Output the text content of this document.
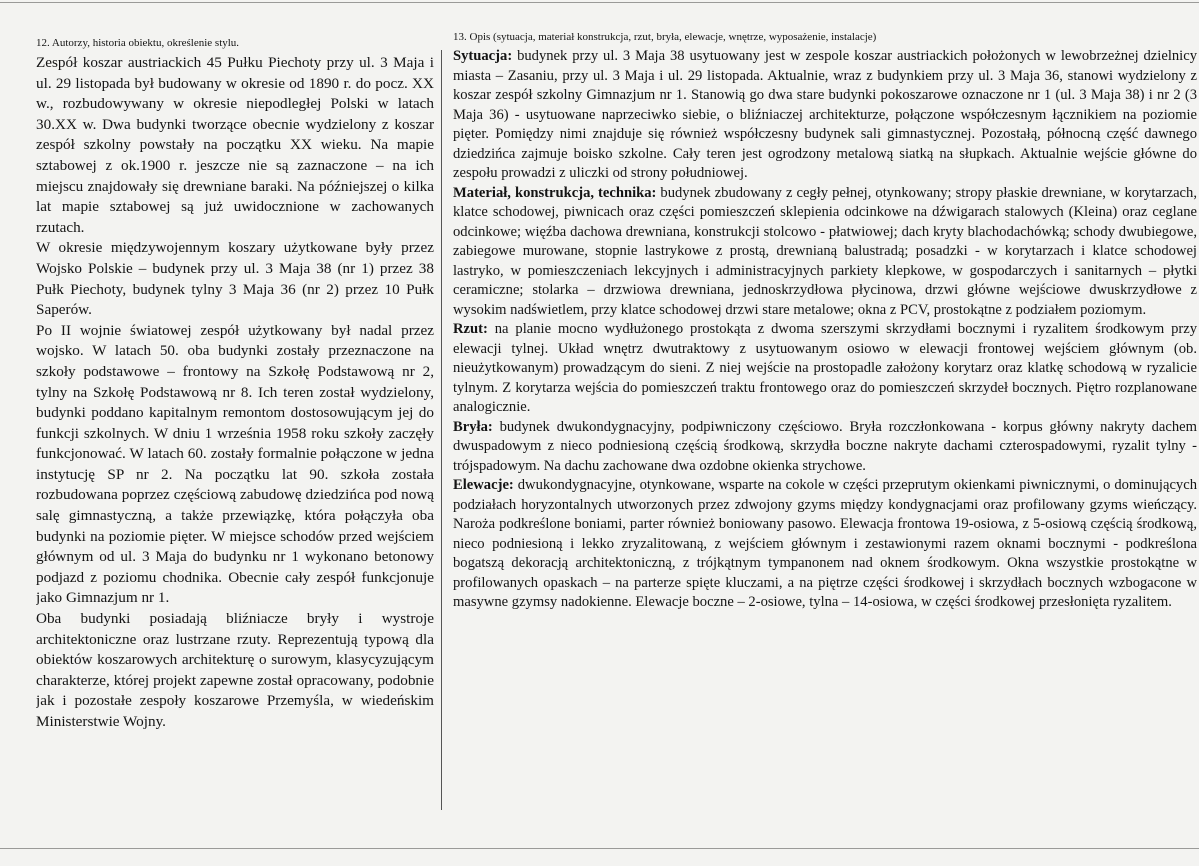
12. Autorzy, historia obiektu, określenie stylu.

Zespół koszar austriackich 45 Pułku Piechoty przy ul. 3 Maja i ul. 29 listopada był budowany w okresie od 1890 r. do pocz. XX w., rozbudowywany w okresie niepodległej Polski w latach 30.XX w. Dwa budynki tworzące obecnie wydzielony z koszar zespół szkolny powstały na początku XX wieku. Na mapie sztabowej z ok.1900 r. jeszcze nie są zaznaczone – na ich miejscu znajdowały się drewniane baraki. Na późniejszej o kilka lat mapie sztabowej są już uwidocznione w zachowanych rzutach.

W okresie międzywojennym koszary użytkowane były przez Wojsko Polskie – budynek przy ul. 3 Maja 38 (nr 1) przez 38 Pułk Piechoty, budynek tylny 3 Maja 36 (nr 2) przez 10 Pułk Saperów.

Po II wojnie światowej zespół użytkowany był nadal przez wojsko. W latach 50. oba budynki zostały przeznaczone na szkoły podstawowe – frontowy na Szkołę Podstawową nr 2, tylny na Szkołę Podstawową nr 8. Ich teren został wydzielony, budynki poddano kapitalnym remontom dostosowującym jej do funkcji szkolnych. W dniu 1 września 1958 roku szkoły zaczęły funkcjonować. W latach 60. zostały formalnie połączone w jedna instytucję SP nr 2. Na początku lat 90. szkoła została rozbudowana poprzez częściową zabudowę dziedzińca pod nową salę gimnastyczną, a także przewiązkę, która połączyła oba budynki na poziomie pięter. W miejsce schodów przed wejściem głównym od ul. 3 Maja do budynku nr 1 wykonano betonowy podjazd z poziomu chodnika. Obecnie cały zespół funkcjonuje jako Gimnazjum nr 1.

Oba budynki posiadają bliźniacze bryły i wystroje architektoniczne oraz lustrzane rzuty. Reprezentują typową dla obiektów koszarowych architekturę o surowym, klasycyzującym charakterze, której projekt zapewne został opracowany, podobnie jak i pozostałe zespoły koszarowe Przemyśla, w wiedeńskim Ministerstwie Wojny.

13. Opis (sytuacja, materiał konstrukcja, rzut, bryła, elewacje, wnętrze, wyposażenie, instalacje)

Sytuacja: budynek przy ul. 3 Maja 38 usytuowany jest w zespole koszar austriackich położonych w lewobrzeżnej dzielnicy miasta – Zasaniu, przy ul. 3 Maja i ul. 29 listopada. Aktualnie, wraz z budynkiem przy ul. 3 Maja 36, stanowi wydzielony z koszar zespół szkolny Gimnazjum nr 1. Stanowią go dwa stare budynki pokoszarowe oznaczone nr 1 (ul. 3 Maja 38) i nr 2 (3 Maja 36) - usytuowane naprzeciwko siebie, o bliźniaczej architekturze, połączone współczesnym łącznikiem na poziomie pięter. Pomiędzy nimi znajduje się również współczesny budynek sali gimnastycznej. Pozostałą, północną część dawnego dziedzińca zajmuje boisko szkolne. Cały teren jest ogrodzony metalową siatką na słupkach. Aktualnie wejście główne do zespołu prowadzi z uliczki od strony południowej.

Materiał, konstrukcja, technika: budynek zbudowany z cegły pełnej, otynkowany; stropy płaskie drewniane, w korytarzach, klatce schodowej, piwnicach oraz części pomieszczeń sklepienia odcinkowe na dźwigarach stalowych (Kleina) oraz ceglane odcinkowe; więźba dachowa drewniana, konstrukcji stolcowo - płatwiowej; dach kryty blachodachówką; schody dwubiegowe, zabiegowe murowane, stopnie lastrykowe z prostą, drewnianą balustradą; posadzki - w korytarzach i klatce schodowej lastryko, w pomieszczeniach lekcyjnych i administracyjnych parkiety klepkowe, w gospodarczych i sanitarnych – płytki ceramiczne; stolarka – drzwiowa drewniana, jednoskrzydłowa płycinowa, drzwi główne wejściowe dwuskrzydłowe z wysokim nadświetlem, przy klatce schodowej drzwi stare metalowe; okna z PCV, prostokątne z podziałem poziomym.

Rzut: na planie mocno wydłużonego prostokąta z dwoma szerszymi skrzydłami bocznymi i ryzalitem środkowym przy elewacji tylnej. Układ wnętrz dwutraktowy z usytuowanym osiowo w elewacji frontowej wejściem głównym (ob. nieużytkowanym) prowadzącym do sieni. Z niej wejście na prostopadle założony korytarz oraz klatkę schodową w ryzalicie tylnym. Z korytarza wejścia do pomieszczeń traktu frontowego oraz do pomieszczeń skrzydeł bocznych. Piętro rozplanowane analogicznie.

Bryła: budynek dwukondygnacyjny, podpiwniczony częściowo. Bryła rozczłonkowana - korpus główny nakryty dachem dwuspadowym z nieco podniesioną częścią środkową, skrzydła boczne nakryte dachami czterospadowymi, ryzalit tylny - trójspadowym. Na dachu zachowane dwa ozdobne okienka strychowe.

Elewacje: dwukondygnacyjne, otynkowane, wsparte na cokole w części przeprutym okienkami piwnicznymi, o dominujących podziałach horyzontalnych utworzonych przez zdwojony gzyms między kondygnacjami oraz profilowany gzyms wieńczący. Naroża podkreślone boniami, parter również boniowany pasowo. Elewacja frontowa 19-osiowa, z 5-osiową częścią środkową, nieco podniesioną i lekko zryzalitowaną, z wejściem głównym i zestawionymi razem oknami bocznymi - podkreślona bogatszą dekoracją architektoniczną, z trójkątnym tympanonem nad oknem środkowym. Okna wszystkie prostokątne w profilowanych opaskach – na parterze spięte kluczami, a na piętrze części środkowej i skrzydłach bocznych wzbogacone w masywne gzymsy nadokienne. Elewacje boczne – 2-osiowe, tylna – 14-osiowa, w części środkowej przesłonięta ryzalitem.
